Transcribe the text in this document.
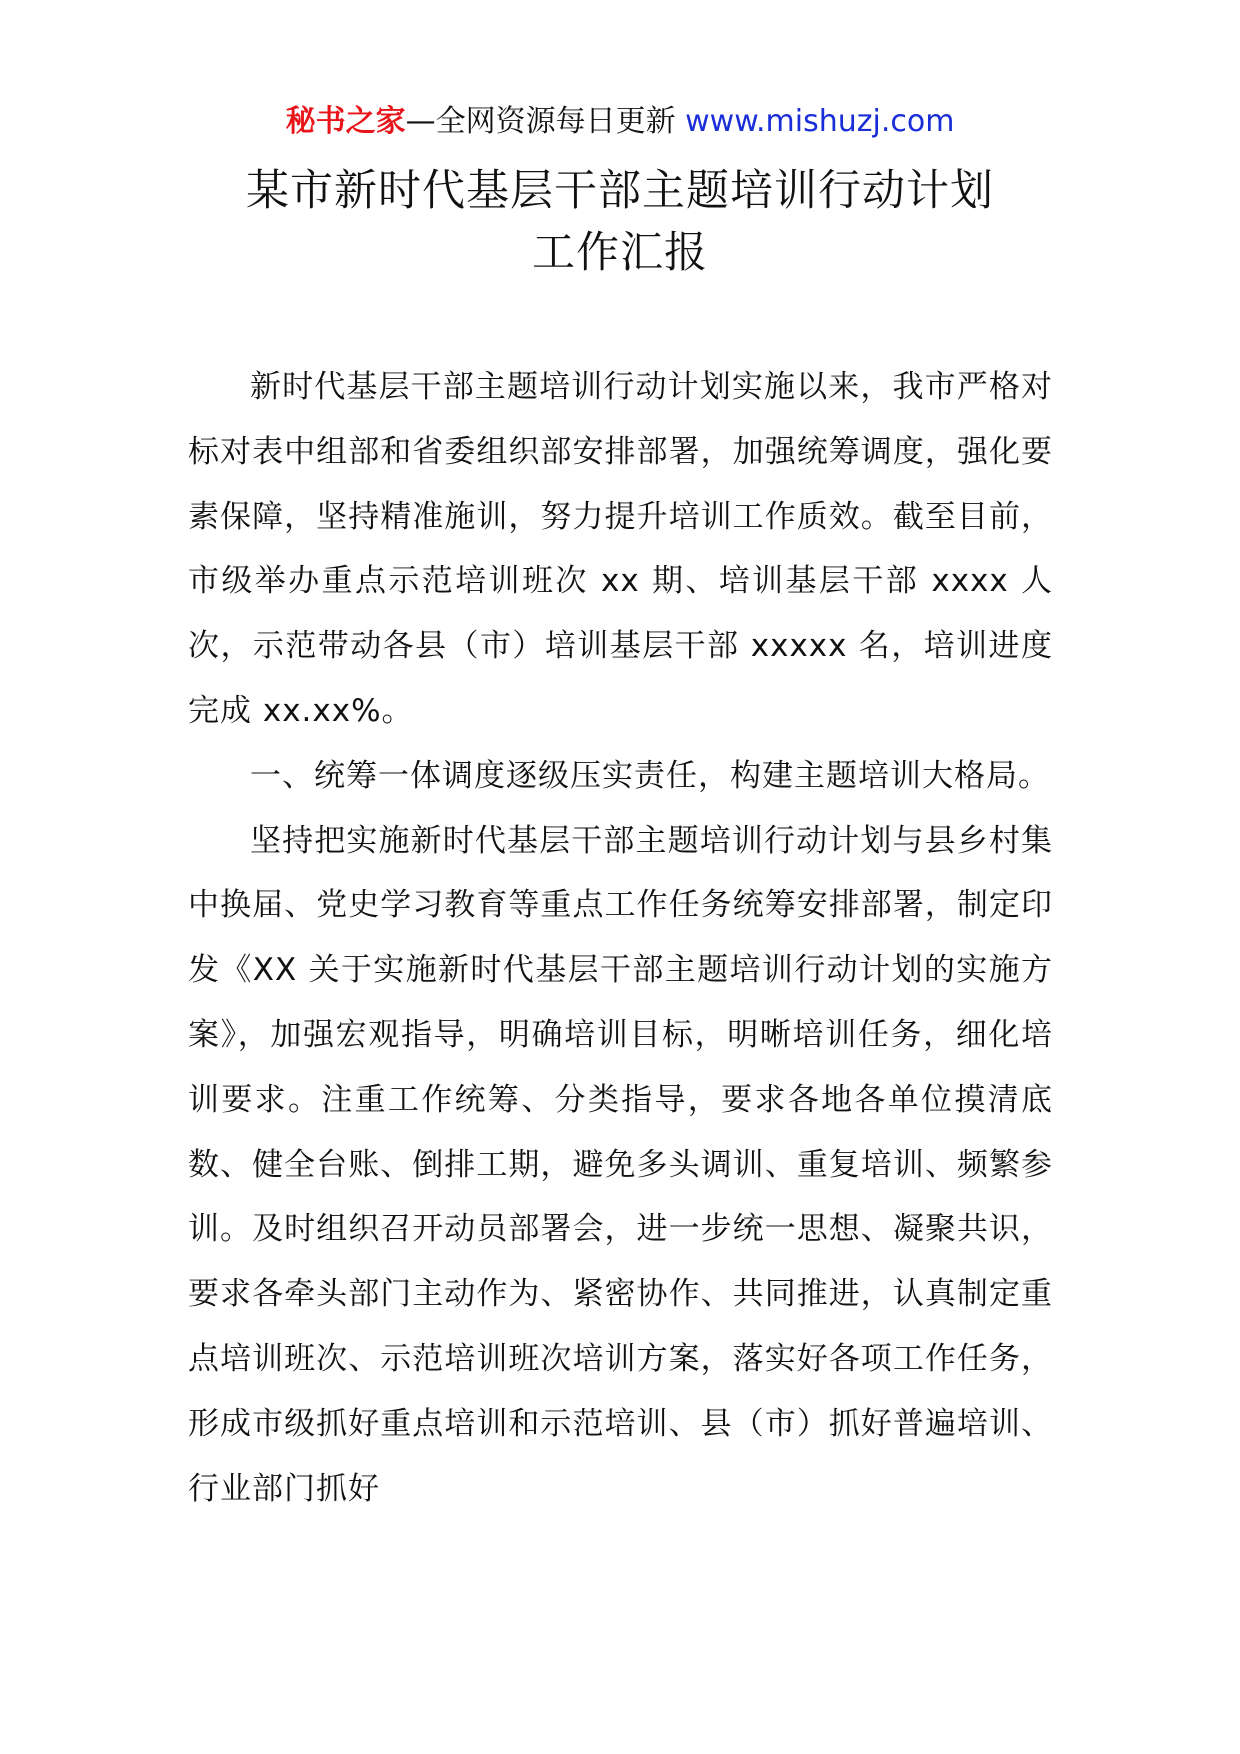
秘书之家—全网资源每日更新 www.mishuzj.com
某市新时代基层干部主题培训行动计划
工作汇报

新时代基层干部主题培训行动计划实施以来，我市严格对标对表中组部和省委组织部安排部署，加强统筹调度，强化要素保障，坚持精准施训，努力提升培训工作质效。截至目前，市级举办重点示范培训班次 xx 期、培训基层干部 xxxx 人次，示范带动各县（市）培训基层干部 xxxxx 名，培训进度完成 xx.xx%。

一、统筹一体调度逐级压实责任，构建主题培训大格局。

坚持把实施新时代基层干部主题培训行动计划与县乡村集中换届、党史学习教育等重点工作任务统筹安排部署，制定印发《XX 关于实施新时代基层干部主题培训行动计划的实施方案》，加强宏观指导，明确培训目标，明晰培训任务，细化培训要求。注重工作统筹、分类指导，要求各地各单位摸清底数、健全台账、倒排工期，避免多头调训、重复培训、频繁参训。及时组织召开动员部署会，进一步统一思想、凝聚共识，要求各牵头部门主动作为、紧密协作、共同推进，认真制定重点培训班次、示范培训班次培训方案，落实好各项工作任务，形成市级抓好重点培训和示范培训、县（市）抓好普遍培训、行业部门抓好
